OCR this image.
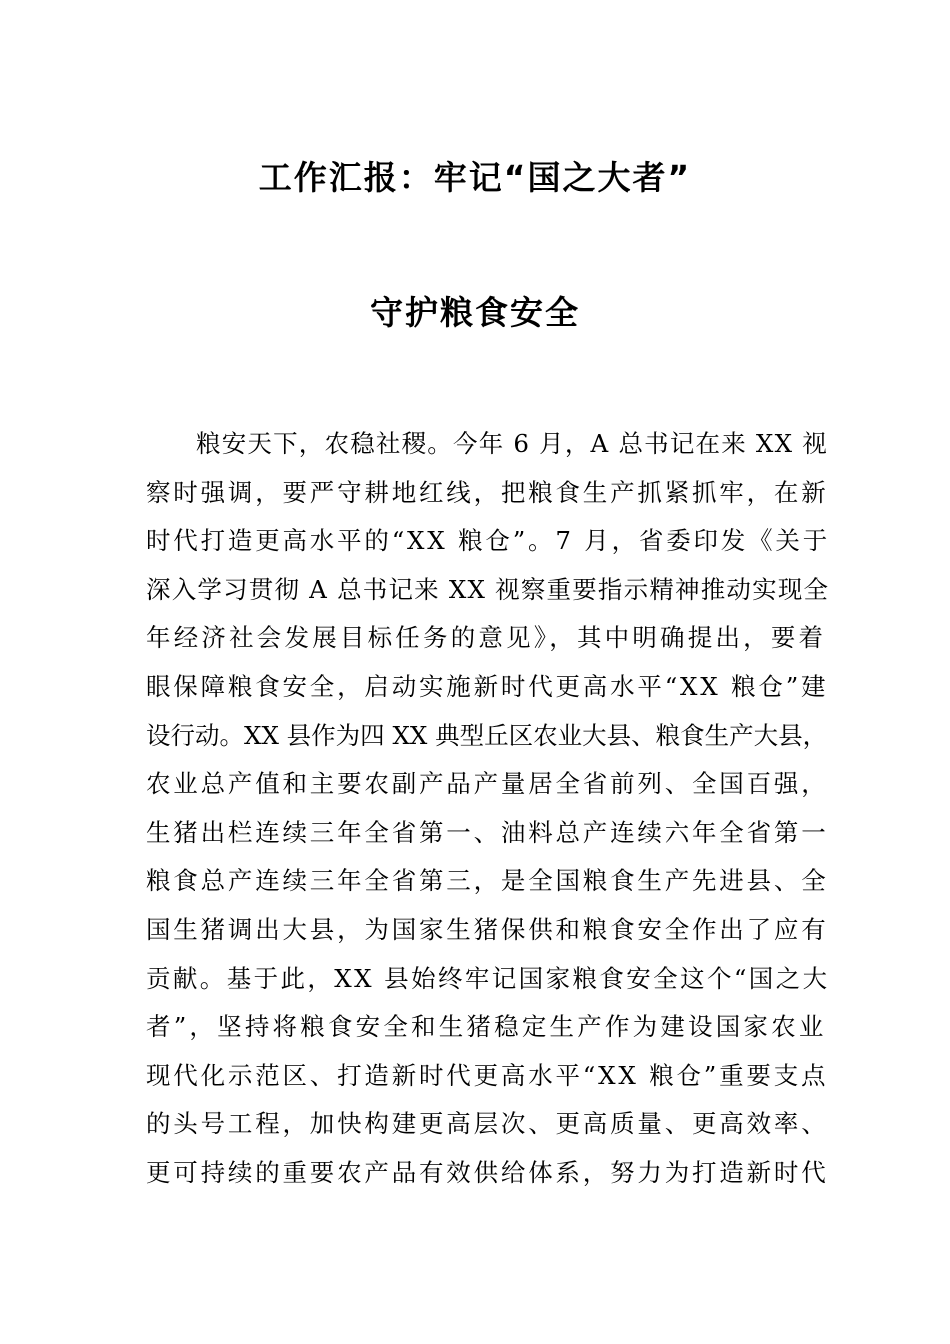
工作汇报：牢记“国之大者”
守护粮食安全
粮安天下，农稳社稷。今年 6 月，A 总书记在来 XX 视
察时强调，要严守耕地红线，把粮食生产抓紧抓牢，在新
时代打造更高水平的“XX 粮仓”。7 月，省委印发《关于
深入学习贯彻 A 总书记来 XX 视察重要指示精神推动实现全
年经济社会发展目标任务的意见》，其中明确提出，要着
眼保障粮食安全，启动实施新时代更高水平“XX 粮仓”建
设行动。XX 县作为四 XX 典型丘区农业大县、粮食生产大县，
农业总产值和主要农副产品产量居全省前列、全国百强，
生猪出栏连续三年全省第一、油料总产连续六年全省第一
粮食总产连续三年全省第三，是全国粮食生产先进县、全
国生猪调出大县，为国家生猪保供和粮食安全作出了应有
贡献。基于此，XX 县始终牢记国家粮食安全这个“国之大
者”，坚持将粮食安全和生猪稳定生产作为建设国家农业
现代化示范区、打造新时代更高水平“XX 粮仓”重要支点
的头号工程，加快构建更高层次、更高质量、更高效率、
更可持续的重要农产品有效供给体系，努力为打造新时代
